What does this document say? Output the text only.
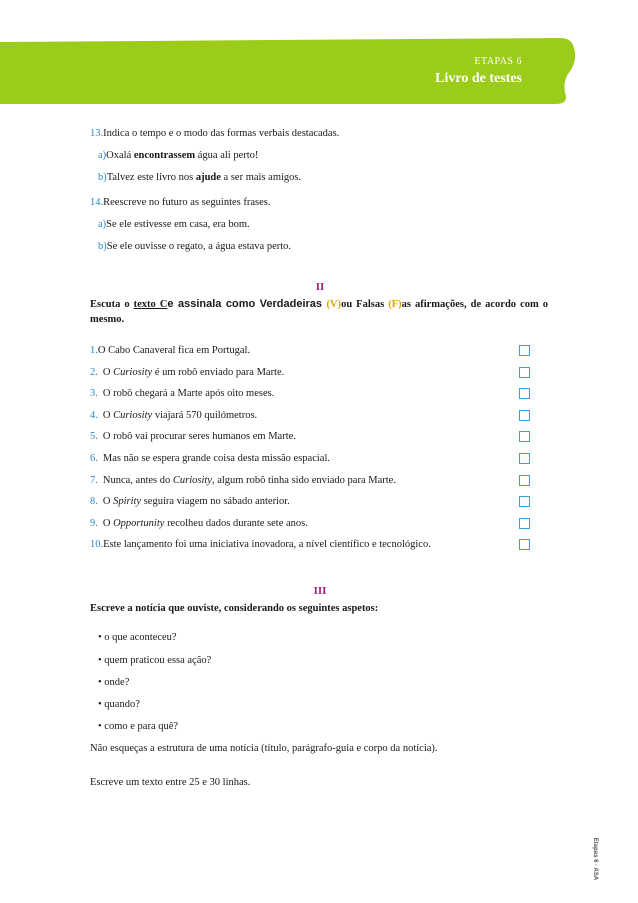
ETAPAS 6
Livro de testes
13.Indica o tempo e o modo das formas verbais destacadas.
a)Oxalá encontrassem água ali perto!
b)Talvez este livro nos ajude a ser mais amigos.
14.Reescreve no futuro as seguintes frases.
a)Se ele estivesse em casa, era bom.
b)Se ele ouvisse o regato, a água estava perto.
II
Escuta o texto Ce assinala como Verdadeiras (V)ou Falsas (F)as afirmações, de acordo com o mesmo.
1.O Cabo Canaveral fica em Portugal.
2. O Curiosity é um robô enviado para Marte.
3. O robô chegará a Marte após oito meses.
4. O Curiosity viajará 570 quilómetros.
5. O robô vai procurar seres humanos em Marte.
6. Mas não se espera grande coisa desta missão espacial.
7. Nunca, antes do Curiosity, algum robô tinha sido enviado para Marte.
8. O Spirity seguira viagem no sábado anterior.
9. O Opportunity recolheu dados durante sete anos.
10.Este lançamento foi uma iniciativa inovadora, a nível científico e tecnológico.
III
Escreve a notícia que ouviste, considerando os seguintes aspetos:
• o que aconteceu?
• quem praticou essa ação?
• onde?
• quando?
• como e para quê?
Não esqueças a estrutura de uma notícia (título, parágrafo-guia e corpo da notícia).
Escreve um texto entre 25 e 30 linhas.
Etapas 6 · ASA
